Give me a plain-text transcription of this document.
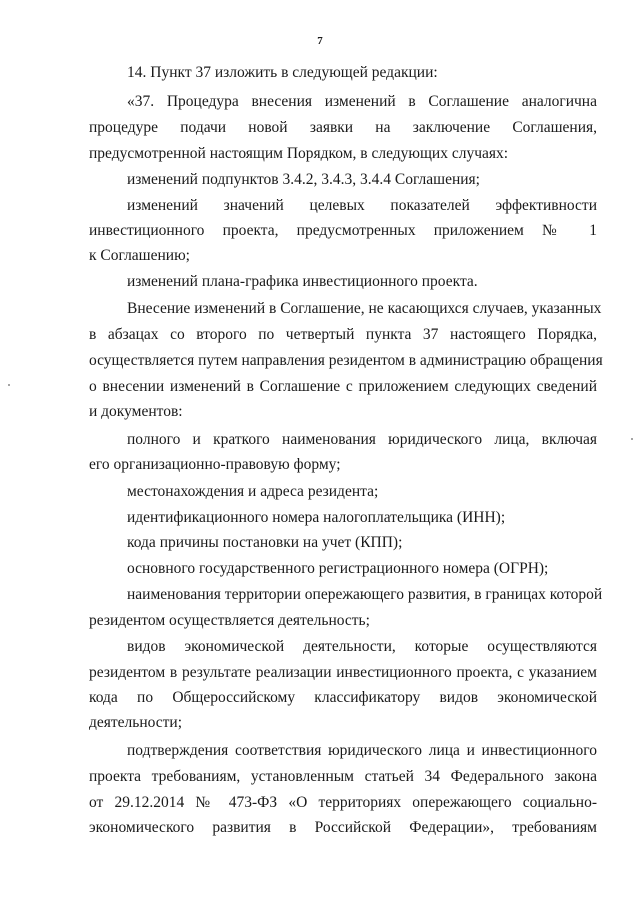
7
14. Пункт 37 изложить в следующей редакции:
«37. Процедура внесения изменений в Соглашение аналогична
процедуре подачи новой заявки на заключение Соглашения,
предусмотренной настоящим Порядком, в следующих случаях:
изменений подпунктов 3.4.2, 3.4.3, 3.4.4 Соглашения;
изменений значений целевых показателей эффективности
инвестиционного проекта, предусмотренных приложением № 1
к Соглашению;
изменений плана-графика инвестиционного проекта.
Внесение изменений в Соглашение, не касающихся случаев, указанных
в абзацах со второго по четвертый пункта 37 настоящего Порядка,
осуществляется путем направления резидентом в администрацию обращения
о внесении изменений в Соглашение с приложением следующих сведений
и документов:
полного и краткого наименования юридического лица, включая
его организационно-правовую форму;
местонахождения и адреса резидента;
идентификационного номера налогоплательщика (ИНН);
кода причины постановки на учет (КПП);
основного государственного регистрационного номера (ОГРН);
наименования территории опережающего развития, в границах которой
резидентом осуществляется деятельность;
видов экономической деятельности, которые осуществляются
резидентом в результате реализации инвестиционного проекта, с указанием
кода по Общероссийскому классификатору видов экономической
деятельности;
подтверждения соответствия юридического лица и инвестиционного
проекта требованиям, установленным статьей 34 Федерального закона
от 29.12.2014 № 473-ФЗ «О территориях опережающего социально-
экономического развития в Российской Федерации», требованиям
